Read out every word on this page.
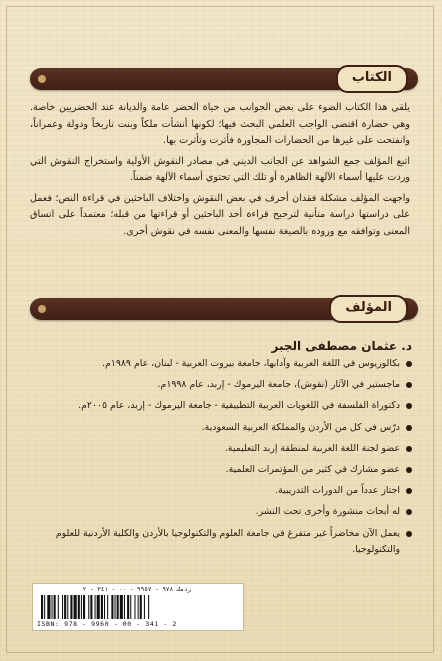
الكتاب

يلقي هذا الكتاب الضوء على بعض الجوانب من حياة الحضر عامة والديانة عند الحضريين خاصة. وهي حضارة اقتضى الواجب العلمي البحث فيها؛ لكونها أنشأت ملكاً وبنت تاريخاً ودولة وعمراناً، وانفتحت على غيرها من الحضارات المجاورة فأثرت وتأثرت بها.

اتبع المؤلف جمع الشواهد عن الجانب الديني في مصادر النقوش الأولية واستخراج النقوش التي وردت عليها أسماء الآلهة الظاهرة أو تلك التي تحتوي أسماء الآلهة ضمناً.

واجهت المؤلف مشكلة فقدان أحرف في بعض النقوش واختلاف الباحثين في قراءة النص؛ فعمل على دراستها دراسة متأنية لترجيح قراءة أحد الباحثين أو قراءتها من قبله؛ معتمداً على اتساق المعنى وتوافقه مع وروده بالصيغة نفسها والمعنى نفسه في نقوش أخرى.

المؤلف
د. عثمان مصطفى الجبر
بكالوريوس في اللغة العربية وآدابها، جامعة بيروت العربية - لبنان، عام ١٩٨٩م.
ماجستير في الآثار (نقوش)، جامعة اليرموك - إربد، عام ١٩٩٨م.
دكتوراة الفلسفة في اللغويات العربية التطبيقية - جامعة اليرموك - إربد، عام ٢٠٠٥م.
درّس في كل من الأردن والمملكة العربية السعودية.
عضو لجنة اللغة العربية لمنطقة إربد التعليمية.
عضو مشارك في كثير من المؤتمرات العلمية.
اجتاز عدداً من الدورات التدريبية.
له أبحاث منشورة وأخرى تحت النشر.
يعمل الآن محاضراً غير متفرغ في جامعة العلوم والتكنولوجيا بالأردن والكلية الأردنية للعلوم والتكنولوجيا.
ردمك ٩٧٨ - ٩٩٥٧ - ٠٠ - ٣٤١ - ٢
ISBN: 978 - 9960 - 00 - 341 - 2
